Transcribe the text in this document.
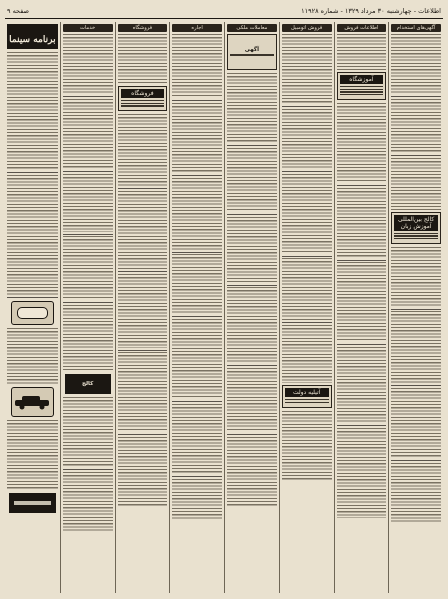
اطلاعات - چهارشنبه ۳۰ مرداد ۱۳۲۹ - شماره ۱۱۹۲۸
صفحه ۹
آگهی‌های استخدام
کالج بین‌المللی آموزش زبان
اطلاعات فروش
آموزشگاه
فروش اتومبیل
آتیلیه دولت
معاملات ملکی
آگهی
اجاره
فروشگاه
فروشگاه
خدمات
کالج
برنامه سینما
